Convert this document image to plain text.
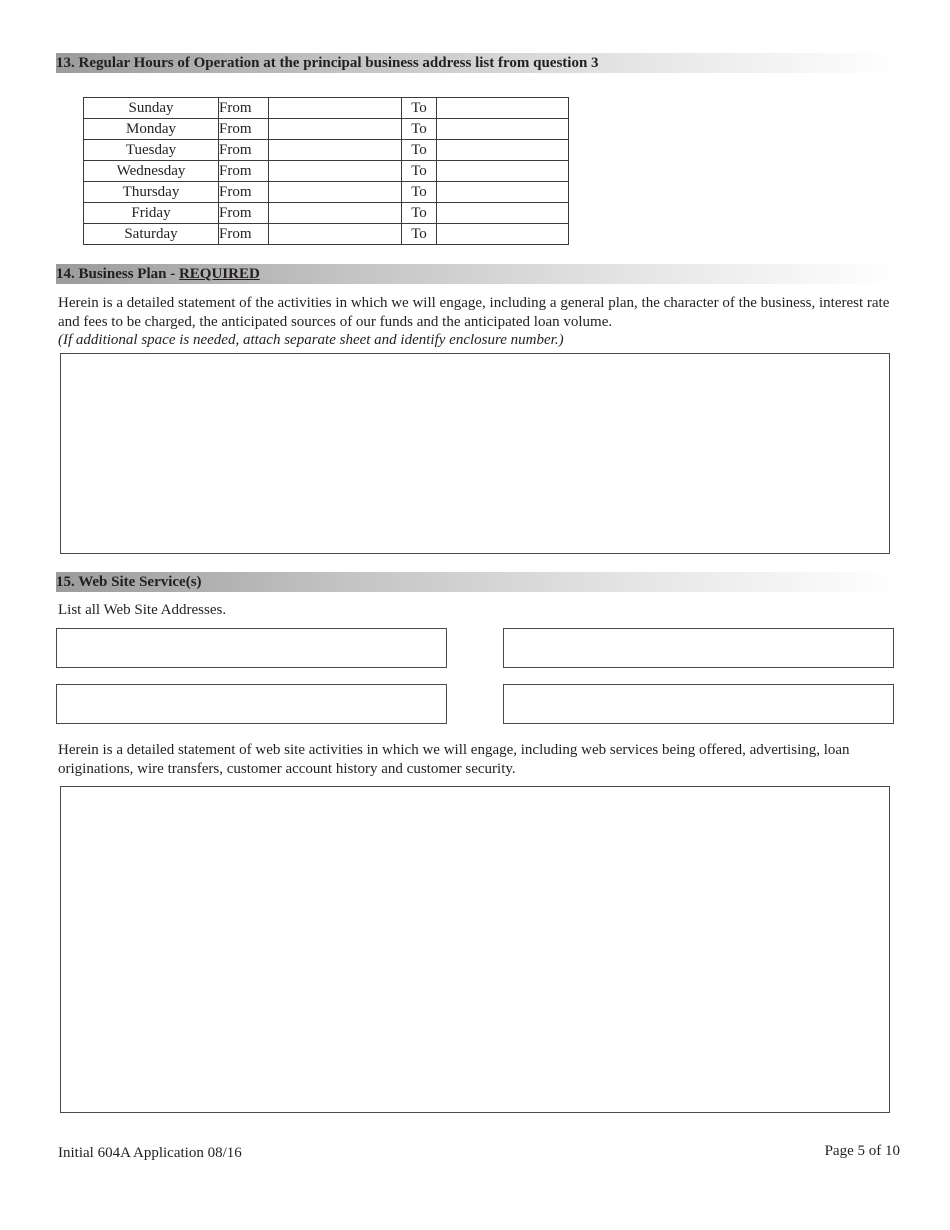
13. Regular Hours of Operation at the principal business address list from question 3
Sunday	From		To	

Monday	From		To	

Tuesday	From		To	

Wednesday	From		To	

Thursday	From		To	

Friday	From		To	

Saturday	From		To	
14. Business Plan - REQUIRED
Herein is a detailed statement of the activities in which we will engage, including a general plan, the character of the business, interest rate and fees to be charged, the anticipated sources of our funds and the anticipated loan volume.
(If additional space is needed, attach separate sheet and identify enclosure number.)
15. Web Site Service(s)
List all Web Site Addresses.
Herein is a detailed statement of web site activities in which we will engage, including web services being offered, advertising, loan originations, wire transfers, customer account history and customer security.
Initial 604A Application 08/16	Page 5 of 10
